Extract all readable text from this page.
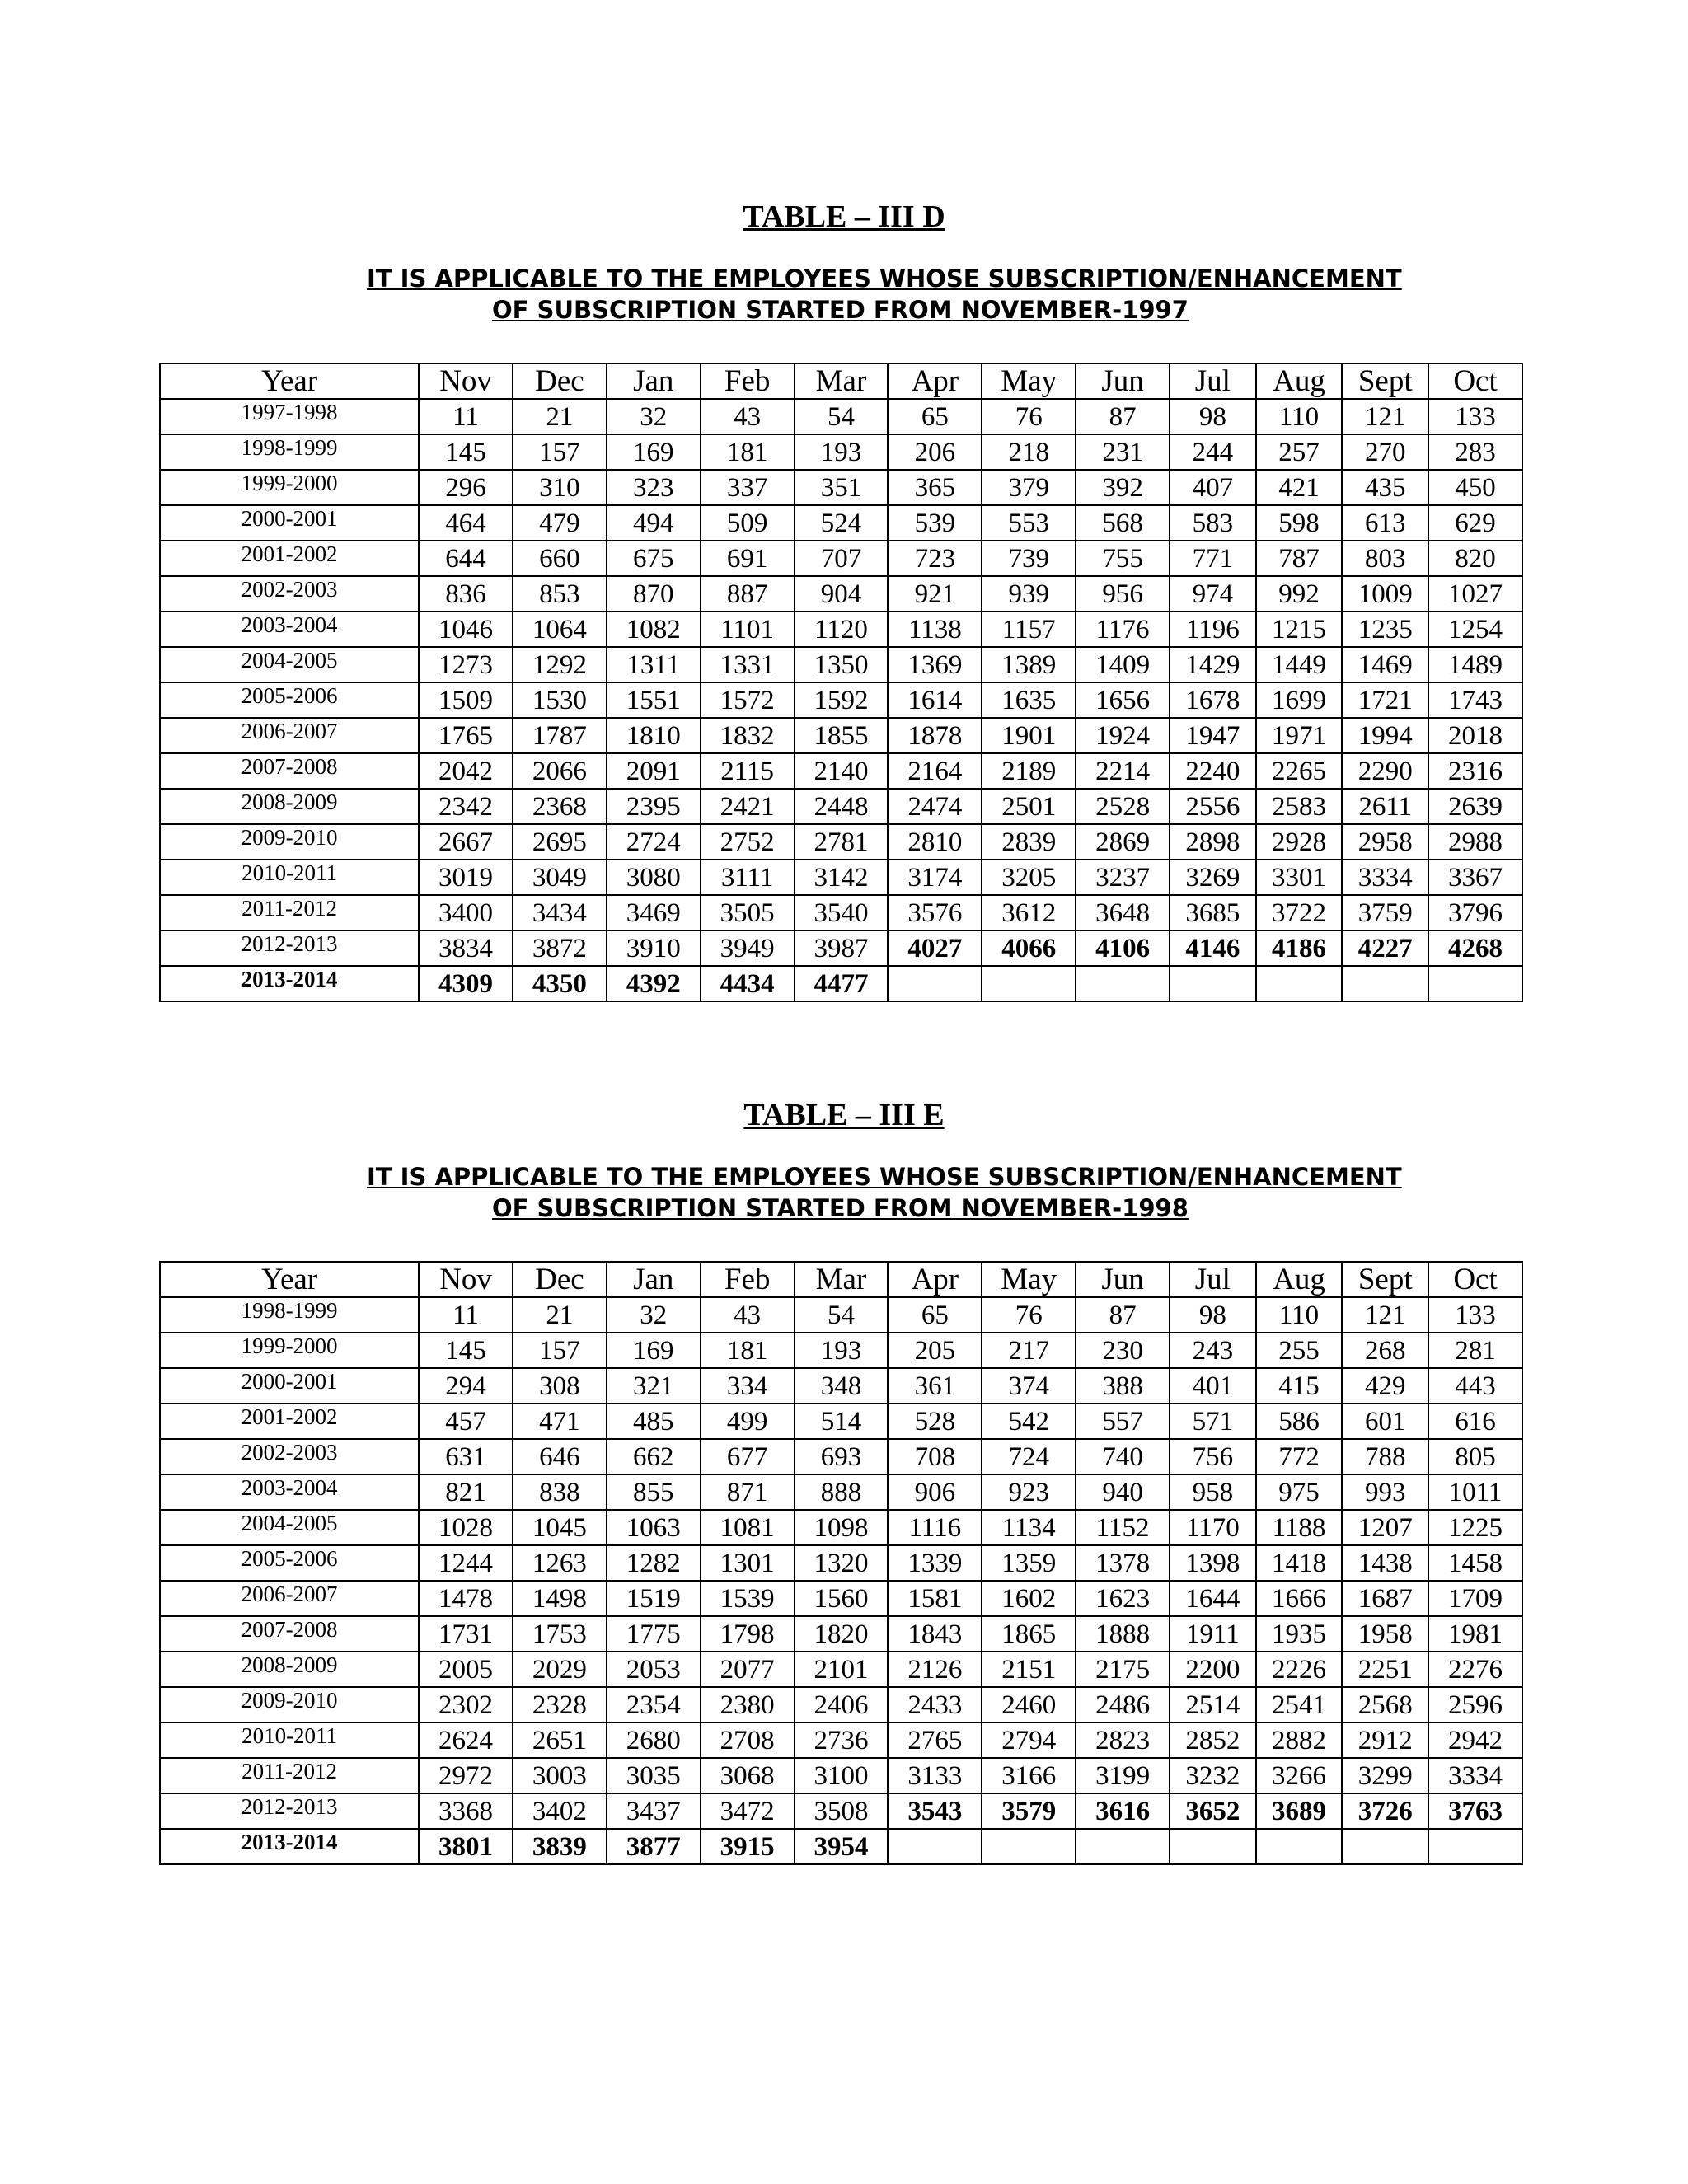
TABLE – III D
IT IS APPLICABLE TO THE EMPLOYEES WHOSE SUBSCRIPTION/ENHANCEMENT
OF SUBSCRIPTION STARTED FROM NOVEMBER-1997
Year	Nov	Dec	Jan	Feb	Mar	Apr	May	Jun	Jul	Aug	Sept	Oct
1997-1998	11	21	32	43	54	65	76	87	98	110	121	133
1998-1999	145	157	169	181	193	206	218	231	244	257	270	283
1999-2000	296	310	323	337	351	365	379	392	407	421	435	450
2000-2001	464	479	494	509	524	539	553	568	583	598	613	629
2001-2002	644	660	675	691	707	723	739	755	771	787	803	820
2002-2003	836	853	870	887	904	921	939	956	974	992	1009	1027
2003-2004	1046	1064	1082	1101	1120	1138	1157	1176	1196	1215	1235	1254
2004-2005	1273	1292	1311	1331	1350	1369	1389	1409	1429	1449	1469	1489
2005-2006	1509	1530	1551	1572	1592	1614	1635	1656	1678	1699	1721	1743
2006-2007	1765	1787	1810	1832	1855	1878	1901	1924	1947	1971	1994	2018
2007-2008	2042	2066	2091	2115	2140	2164	2189	2214	2240	2265	2290	2316
2008-2009	2342	2368	2395	2421	2448	2474	2501	2528	2556	2583	2611	2639
2009-2010	2667	2695	2724	2752	2781	2810	2839	2869	2898	2928	2958	2988
2010-2011	3019	3049	3080	3111	3142	3174	3205	3237	3269	3301	3334	3367
2011-2012	3400	3434	3469	3505	3540	3576	3612	3648	3685	3722	3759	3796
2012-2013	3834	3872	3910	3949	3987	4027	4066	4106	4146	4186	4227	4268
2013-2014	4309	4350	4392	4434	4477							
TABLE – III E
IT IS APPLICABLE TO THE EMPLOYEES WHOSE SUBSCRIPTION/ENHANCEMENT
OF SUBSCRIPTION STARTED FROM NOVEMBER-1998
Year	Nov	Dec	Jan	Feb	Mar	Apr	May	Jun	Jul	Aug	Sept	Oct
1998-1999	11	21	32	43	54	65	76	87	98	110	121	133
1999-2000	145	157	169	181	193	205	217	230	243	255	268	281
2000-2001	294	308	321	334	348	361	374	388	401	415	429	443
2001-2002	457	471	485	499	514	528	542	557	571	586	601	616
2002-2003	631	646	662	677	693	708	724	740	756	772	788	805
2003-2004	821	838	855	871	888	906	923	940	958	975	993	1011
2004-2005	1028	1045	1063	1081	1098	1116	1134	1152	1170	1188	1207	1225
2005-2006	1244	1263	1282	1301	1320	1339	1359	1378	1398	1418	1438	1458
2006-2007	1478	1498	1519	1539	1560	1581	1602	1623	1644	1666	1687	1709
2007-2008	1731	1753	1775	1798	1820	1843	1865	1888	1911	1935	1958	1981
2008-2009	2005	2029	2053	2077	2101	2126	2151	2175	2200	2226	2251	2276
2009-2010	2302	2328	2354	2380	2406	2433	2460	2486	2514	2541	2568	2596
2010-2011	2624	2651	2680	2708	2736	2765	2794	2823	2852	2882	2912	2942
2011-2012	2972	3003	3035	3068	3100	3133	3166	3199	3232	3266	3299	3334
2012-2013	3368	3402	3437	3472	3508	3543	3579	3616	3652	3689	3726	3763
2013-2014	3801	3839	3877	3915	3954							
